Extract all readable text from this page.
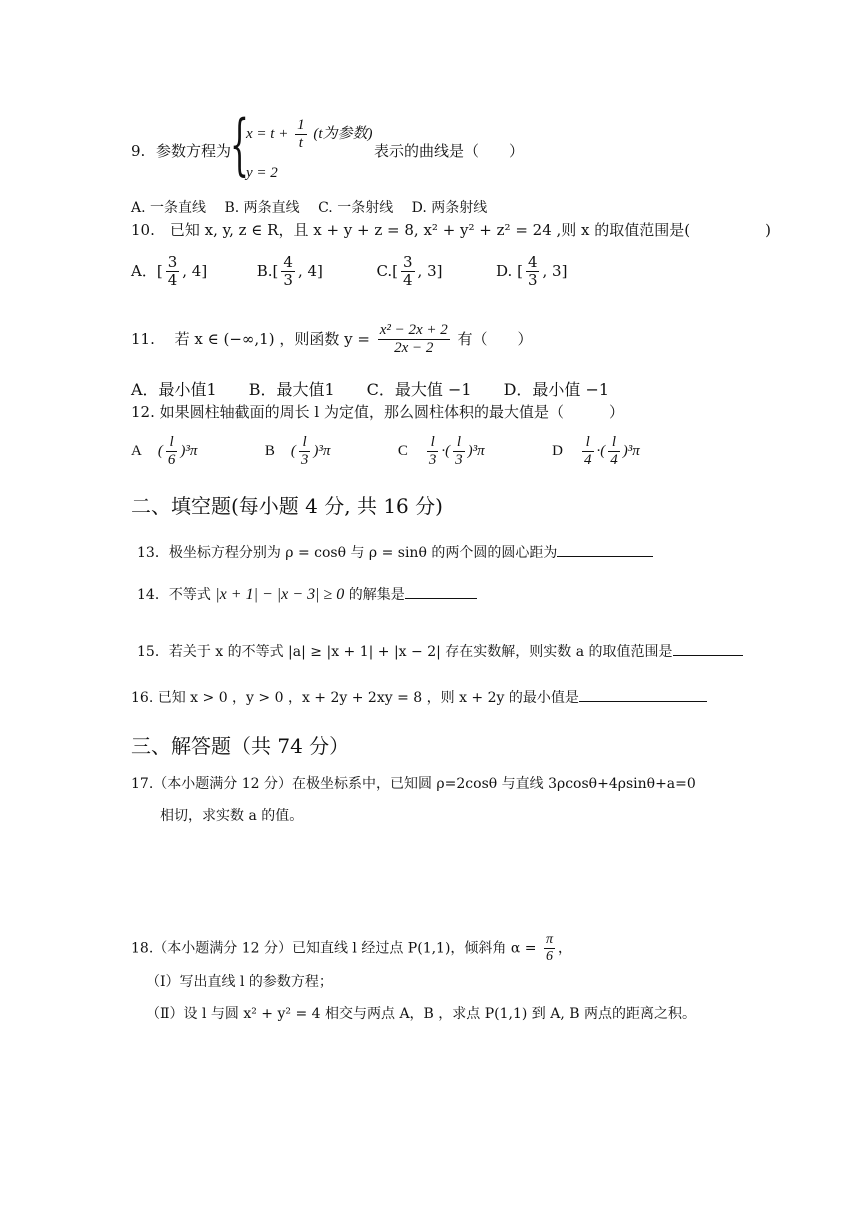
9. 参数方程为
{
$x = t + \frac{1}{t} (t$为参数)
y = 2
表示的曲线是（　　）
A. 一条直线　 B. 两条直线　 C. 一条射线　 D. 两条射线
10.　已知 x, y, z ∈ R，且 x + y + z = 8, x² + y² + z² = 24 ,则 x 的取值范围是(　　　　　)
A．[ $\frac{3}{4}$ , 4]	$B.[ \frac{4}{3}$ , 4]	$C.[ \frac{3}{4}$ , 3]	D. [ $\frac{4}{3}$ , 3]
11.　 若 x ∈ (−∞,1) ，则函数 $y = \frac{\text{x² − 2x + 2}}{2x - 2}$ 有（　　）
A．最小值1　　B．最大值1　　C．最大值 −1　　D．最小值 −1
12. 如果圆柱轴截面的周长 l 为定值，那么圆柱体积的最大值是（　　　）
A ( $\frac{l}{6} )^3\pi$	B ( $\frac{l}{3} )^3\pi$	C $\frac{l}{3}$ ·( $\frac{l}{3} )^3\pi$	D $\frac{l}{4}$ ·( $\frac{l}{4} )^3\pi$
二、填空题(每小题 4 分, 共 16 分)
13．极坐标方程分别为 ρ = cosθ 与 ρ = sinθ 的两个圆的圆心距为
14．不等式 |x + 1| − |x − 3| ≥ 0 的解集是
15．若关于 x 的不等式 |a| ≥ |x + 1| + |x − 2| 存在实数解，则实数 a 的取值范围是
16. 已知 x > 0 ，y > 0 ，x + 2y + 2xy = 8 ，则 x + 2y 的最小值是
三、解答题（共 74 分）
17.（本小题满分 12 分）在极坐标系中，已知圆 ρ=2cosθ 与直线 3ρcosθ+4ρsinθ+a=0
相切，求实数 a 的值。
18.（本小题满分 12 分）已知直线 l 经过点 P(1,1)，倾斜角 $\alpha = \frac{\pi}{6}$ ，
（Ⅰ）写出直线 l 的参数方程；
（Ⅱ）设 l 与圆 x² + y² = 4 相交与两点 A，B ，求点 P(1,1) 到 A, B 两点的距离之积。
